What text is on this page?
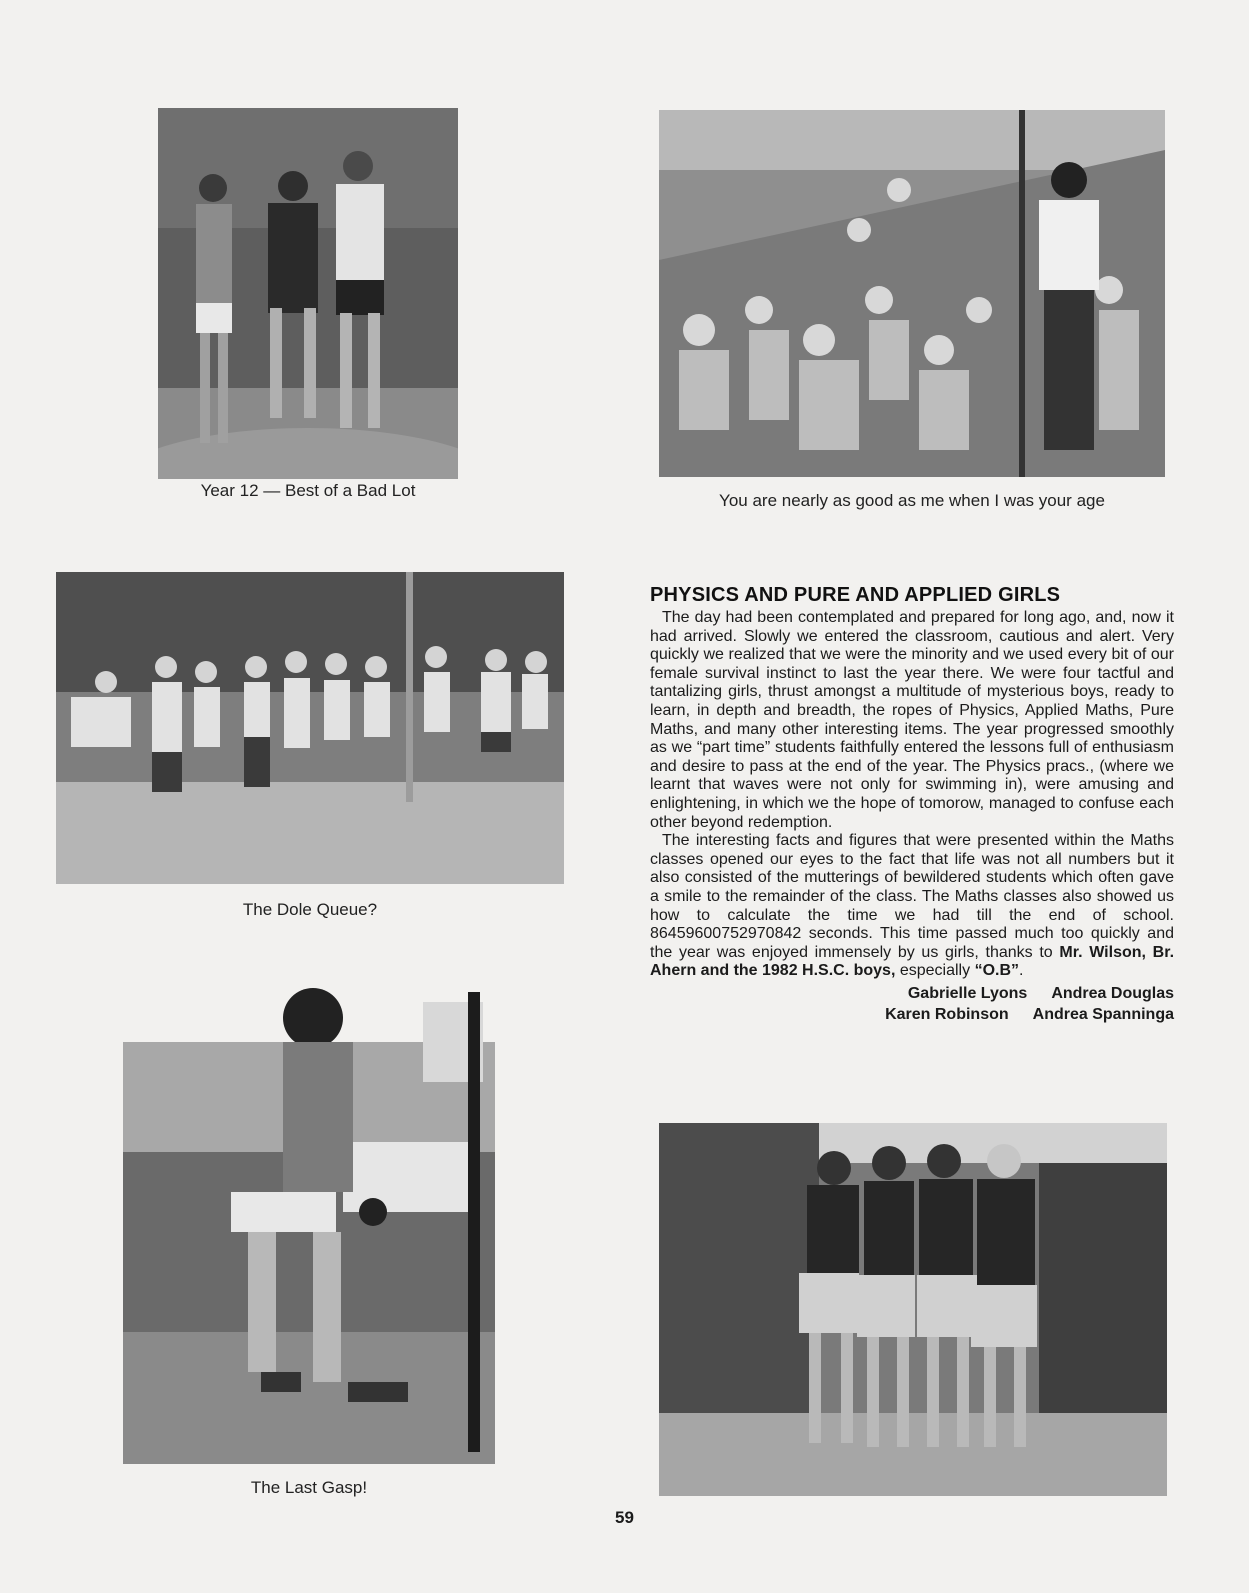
Year 12 — Best of a Bad Lot
You are nearly as good as me when I was your age
The Dole Queue?
The Last Gasp!
PHYSICS AND PURE AND APPLIED GIRLS

The day had been contemplated and prepared for long ago, and, now it had arrived. Slowly we entered the classroom, cautious and alert. Very quickly we realized that we were the minority and we used every bit of our female survival instinct to last the year there. We were four tactful and tantalizing girls, thrust amongst a multitude of mysterious boys, ready to learn, in depth and breadth, the ropes of Physics, Applied Maths, Pure Maths, and many other interesting items. The year progressed smoothly as we “part time” students faithfully entered the lessons full of enthusiasm and desire to pass at the end of the year. The Physics pracs., (where we learnt that waves were not only for swimming in), were amusing and enlightening, in which we the hope of tomorow, managed to confuse each other beyond redemption.

The interesting facts and figures that were presented within the Maths classes opened our eyes to the fact that life was not all numbers but it also consisted of the mutterings of bewildered students which often gave a smile to the remainder of the class. The Maths classes also showed us how to calculate the time we had till the end of school. 86459600752970842 seconds. This time passed much too quickly and the year was enjoyed immensely by us girls, thanks to Mr. Wilson, Br. Ahern and the 1982 H.S.C. boys, especially “O.B”.

Gabrielle Lyons Andrea Douglas
Karen Robinson Andrea Spanninga
59
